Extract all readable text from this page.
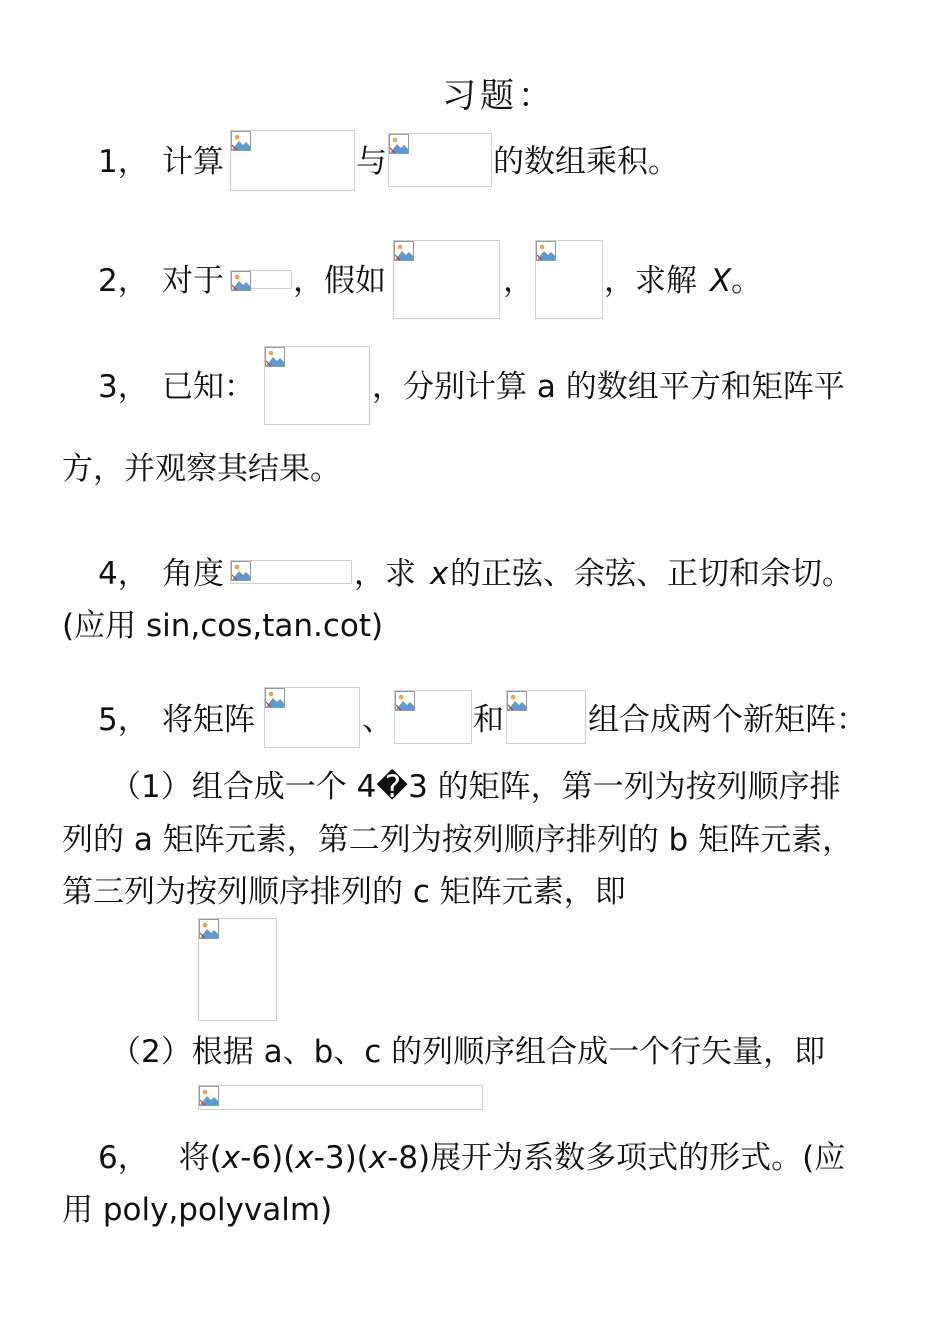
习题：
1， 计算	与	的数组乘积。
2， 对于 ，假如	， ，求解 X 。
3， 已知：	，分别计算 a 的数组平方和矩阵平
方，并观察其结果。
4， 角度	，求 x 的正弦、余弦、正切和余切。
(应用 sin,cos,tan.cot)
5， 将矩阵	、	和	组合成两个新矩阵：
（1）组合成一个 4�3 的矩阵，第一列为按列顺序排
列的 a 矩阵元素，第二列为按列顺序排列的 b 矩阵元素，
第三列为按列顺序排列的 c 矩阵元素，即
（2）根据 a、b、c 的列顺序组合成一个行矢量，即
6， 将(x-6)(x-3)(x-8)展开为系数多项式的形式。(应
用 poly,polyvalm)
